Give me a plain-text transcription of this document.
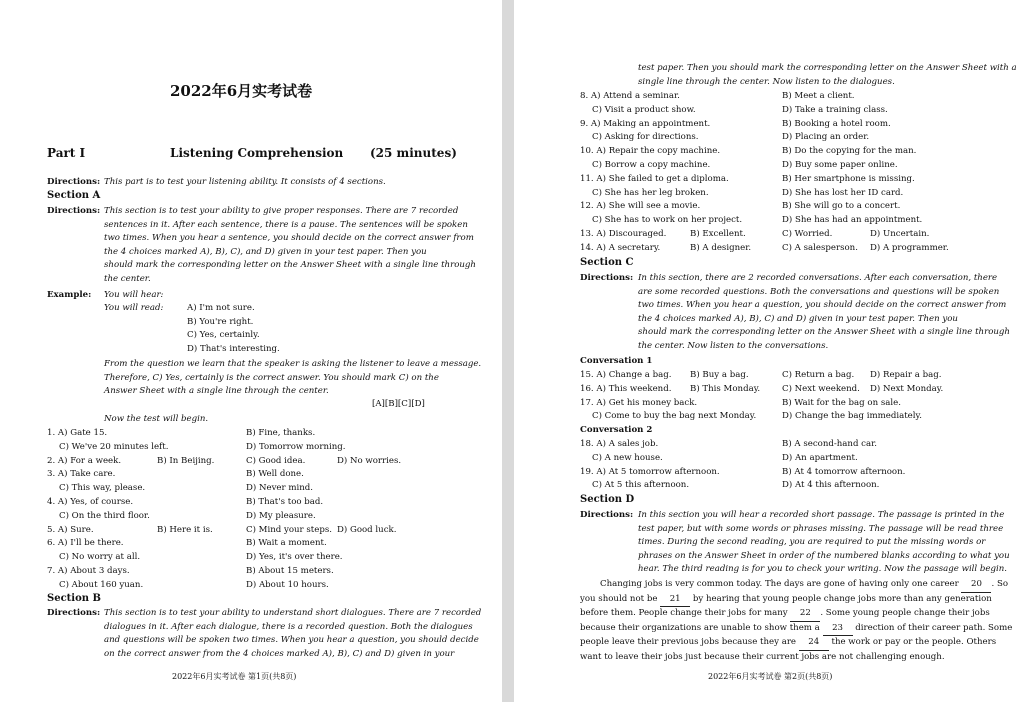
2022年6月实考试卷
Part Ⅰ	Listening Comprehension (25 minutes)
Directions: This part is to test your listening ability. It consists of 4 sections.
Section A
Directions: This section is to test your ability to give proper responses. There are 7 recorded
sentences in it. After each sentence, there is a pause. The sentences will be spoken
two times. When you hear a sentence, you should decide on the correct answer from
the 4 choices marked A), B), C), and D) given in your test paper. Then you
should mark the corresponding letter on the Answer Sheet with a single line through
the center.
Example: You will hear:
You will read:	A) I'm not sure.
B) You're right.
C) Yes, certainly.
D) That's interesting.
From the question we learn that the speaker is asking the listener to leave a message.
Therefore, C) Yes, certainly is the correct answer. You should mark C) on the
Answer Sheet with a single line through the center.
[A][B][C][D]
Now the test will begin.
1. A) Gate 15.	B) Fine, thanks.
C) We've 20 minutes left.	D) Tomorrow morning.
2. A) For a week.	B) In Beijing.	C) Good idea.	D) No worries.
3. A) Take care.	B) Well done.
C) This way, please.	D) Never mind.
4. A) Yes, of course.	B) That's too bad.
C) On the third floor.	D) My pleasure.
5. A) Sure.	B) Here it is.	C) Mind your steps. D) Good luck.
6. A) I'll be there.	B) Wait a moment.
C) No worry at all.	D) Yes, it's over there.
7. A) About 3 days.	B) About 15 meters.
C) About 160 yuan.	D) About 10 hours.
Section B
Directions: This section is to test your ability to understand short dialogues. There are 7 recorded
dialogues in it. After each dialogue, there is a recorded question. Both the dialogues
and questions will be spoken two times. When you hear a question, you should decide
on the correct answer from the 4 choices marked A), B), C) and D) given in your
2022年6月实考试卷 第1页(共8页)
test paper. Then you should mark the corresponding letter on the Answer Sheet with a
single line through the center. Now listen to the dialogues.
8. A) Attend a seminar.	B) Meet a client.
C) Visit a product show.	D) Take a training class.
9. A) Making an appointment.	B) Booking a hotel room.
C) Asking for directions.	D) Placing an order.
10. A) Repair the copy machine.	B) Do the copying for the man.
C) Borrow a copy machine.	D) Buy some paper online.
11. A) She failed to get a diploma.	B) Her smartphone is missing.
C) She has her leg broken.	D) She has lost her ID card.
12. A) She will see a movie.	B) She will go to a concert.
C) She has to work on her project.	D) She has had an appointment.
13. A) Discouraged.	B) Excellent.	C) Worried.	D) Uncertain.
14. A) A secretary.	B) A designer.	C) A salesperson. D) A programmer.
Section C
Directions: In this section, there are 2 recorded conversations. After each conversation, there
are some recorded questions. Both the conversations and questions will be spoken
two times. When you hear a question, you should decide on the correct answer from
the 4 choices marked A), B), C) and D) given in your test paper. Then you
should mark the corresponding letter on the Answer Sheet with a single line through
the center. Now listen to the conversations.
Conversation 1
15. A) Change a bag. B) Buy a bag.	C) Return a bag. D) Repair a bag.
16. A) This weekend. B) This Monday.	C) Next weekend. D) Next Monday.
17. A) Get his money back.	B) Wait for the bag on sale.
C) Come to buy the bag next Monday.	D) Change the bag immediately.
Conversation 2
18. A) A sales job.	B) A second-hand car.
C) A new house.	D) An apartment.
19. A) At 5 tomorrow afternoon.	B) At 4 tomorrow afternoon.
C) At 5 this afternoon.	D) At 4 this afternoon.
Section D
Directions: In this section you will hear a recorded short passage. The passage is printed in the
test paper, but with some words or phrases missing. The passage will be read three
times. During the second reading, you are required to put the missing words or
phrases on the Answer Sheet in order of the numbered blanks according to what you
hear. The third reading is for you to check your writing. Now the passage will begin.
Changing jobs is very common today. The days are gone of having only one career 20 . So
you should not be 21 by hearing that young people change jobs more than any generation
before them. People change their jobs for many 22 . Some young people change their jobs
because their organizations are unable to show them a 23 direction of their career path. Some
people leave their previous jobs because they are 24 the work or pay or the people. Others
want to leave their jobs just because their current jobs are not challenging enough.
2022年6月实考试卷 第2页(共8页)
